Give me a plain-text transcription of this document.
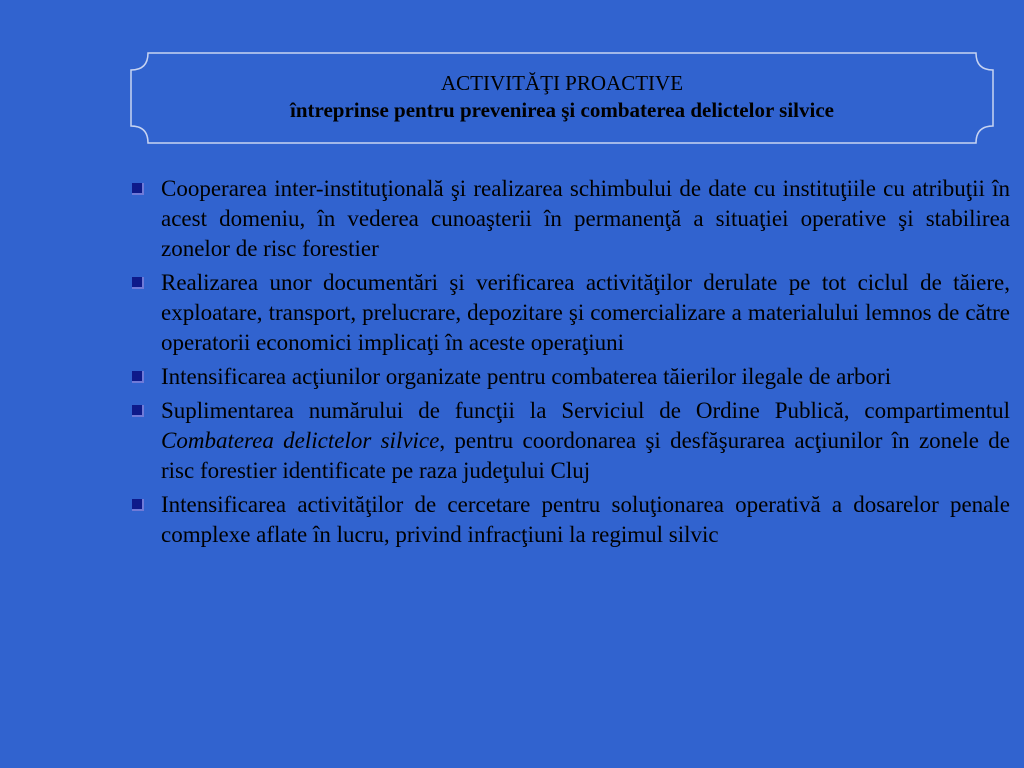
ACTIVITĂŢI PROACTIVE
întreprinse pentru prevenirea şi combaterea delictelor silvice
Cooperarea inter-instituţională şi realizarea schimbului de date cu instituţiile cu atribuţii în acest domeniu, în vederea cunoaşterii în permanenţă a situaţiei operative şi stabilirea zonelor de risc forestier
Realizarea unor documentări şi verificarea activităţilor derulate pe tot ciclul de tăiere, exploatare, transport, prelucrare, depozitare şi comercializare a materialului lemnos de către operatorii economici implicaţi în aceste operaţiuni
Intensificarea acţiunilor organizate pentru combaterea tăierilor ilegale de arbori
Suplimentarea numărului de funcţii la Serviciul de Ordine Publică, compartimentul Combaterea delictelor silvice, pentru coordonarea şi desfăşurarea acţiunilor în zonele de risc forestier identificate pe raza judeţului Cluj
Intensificarea activităţilor de cercetare pentru soluţionarea operativă a dosarelor penale complexe aflate în lucru, privind infracţiuni la regimul silvic
